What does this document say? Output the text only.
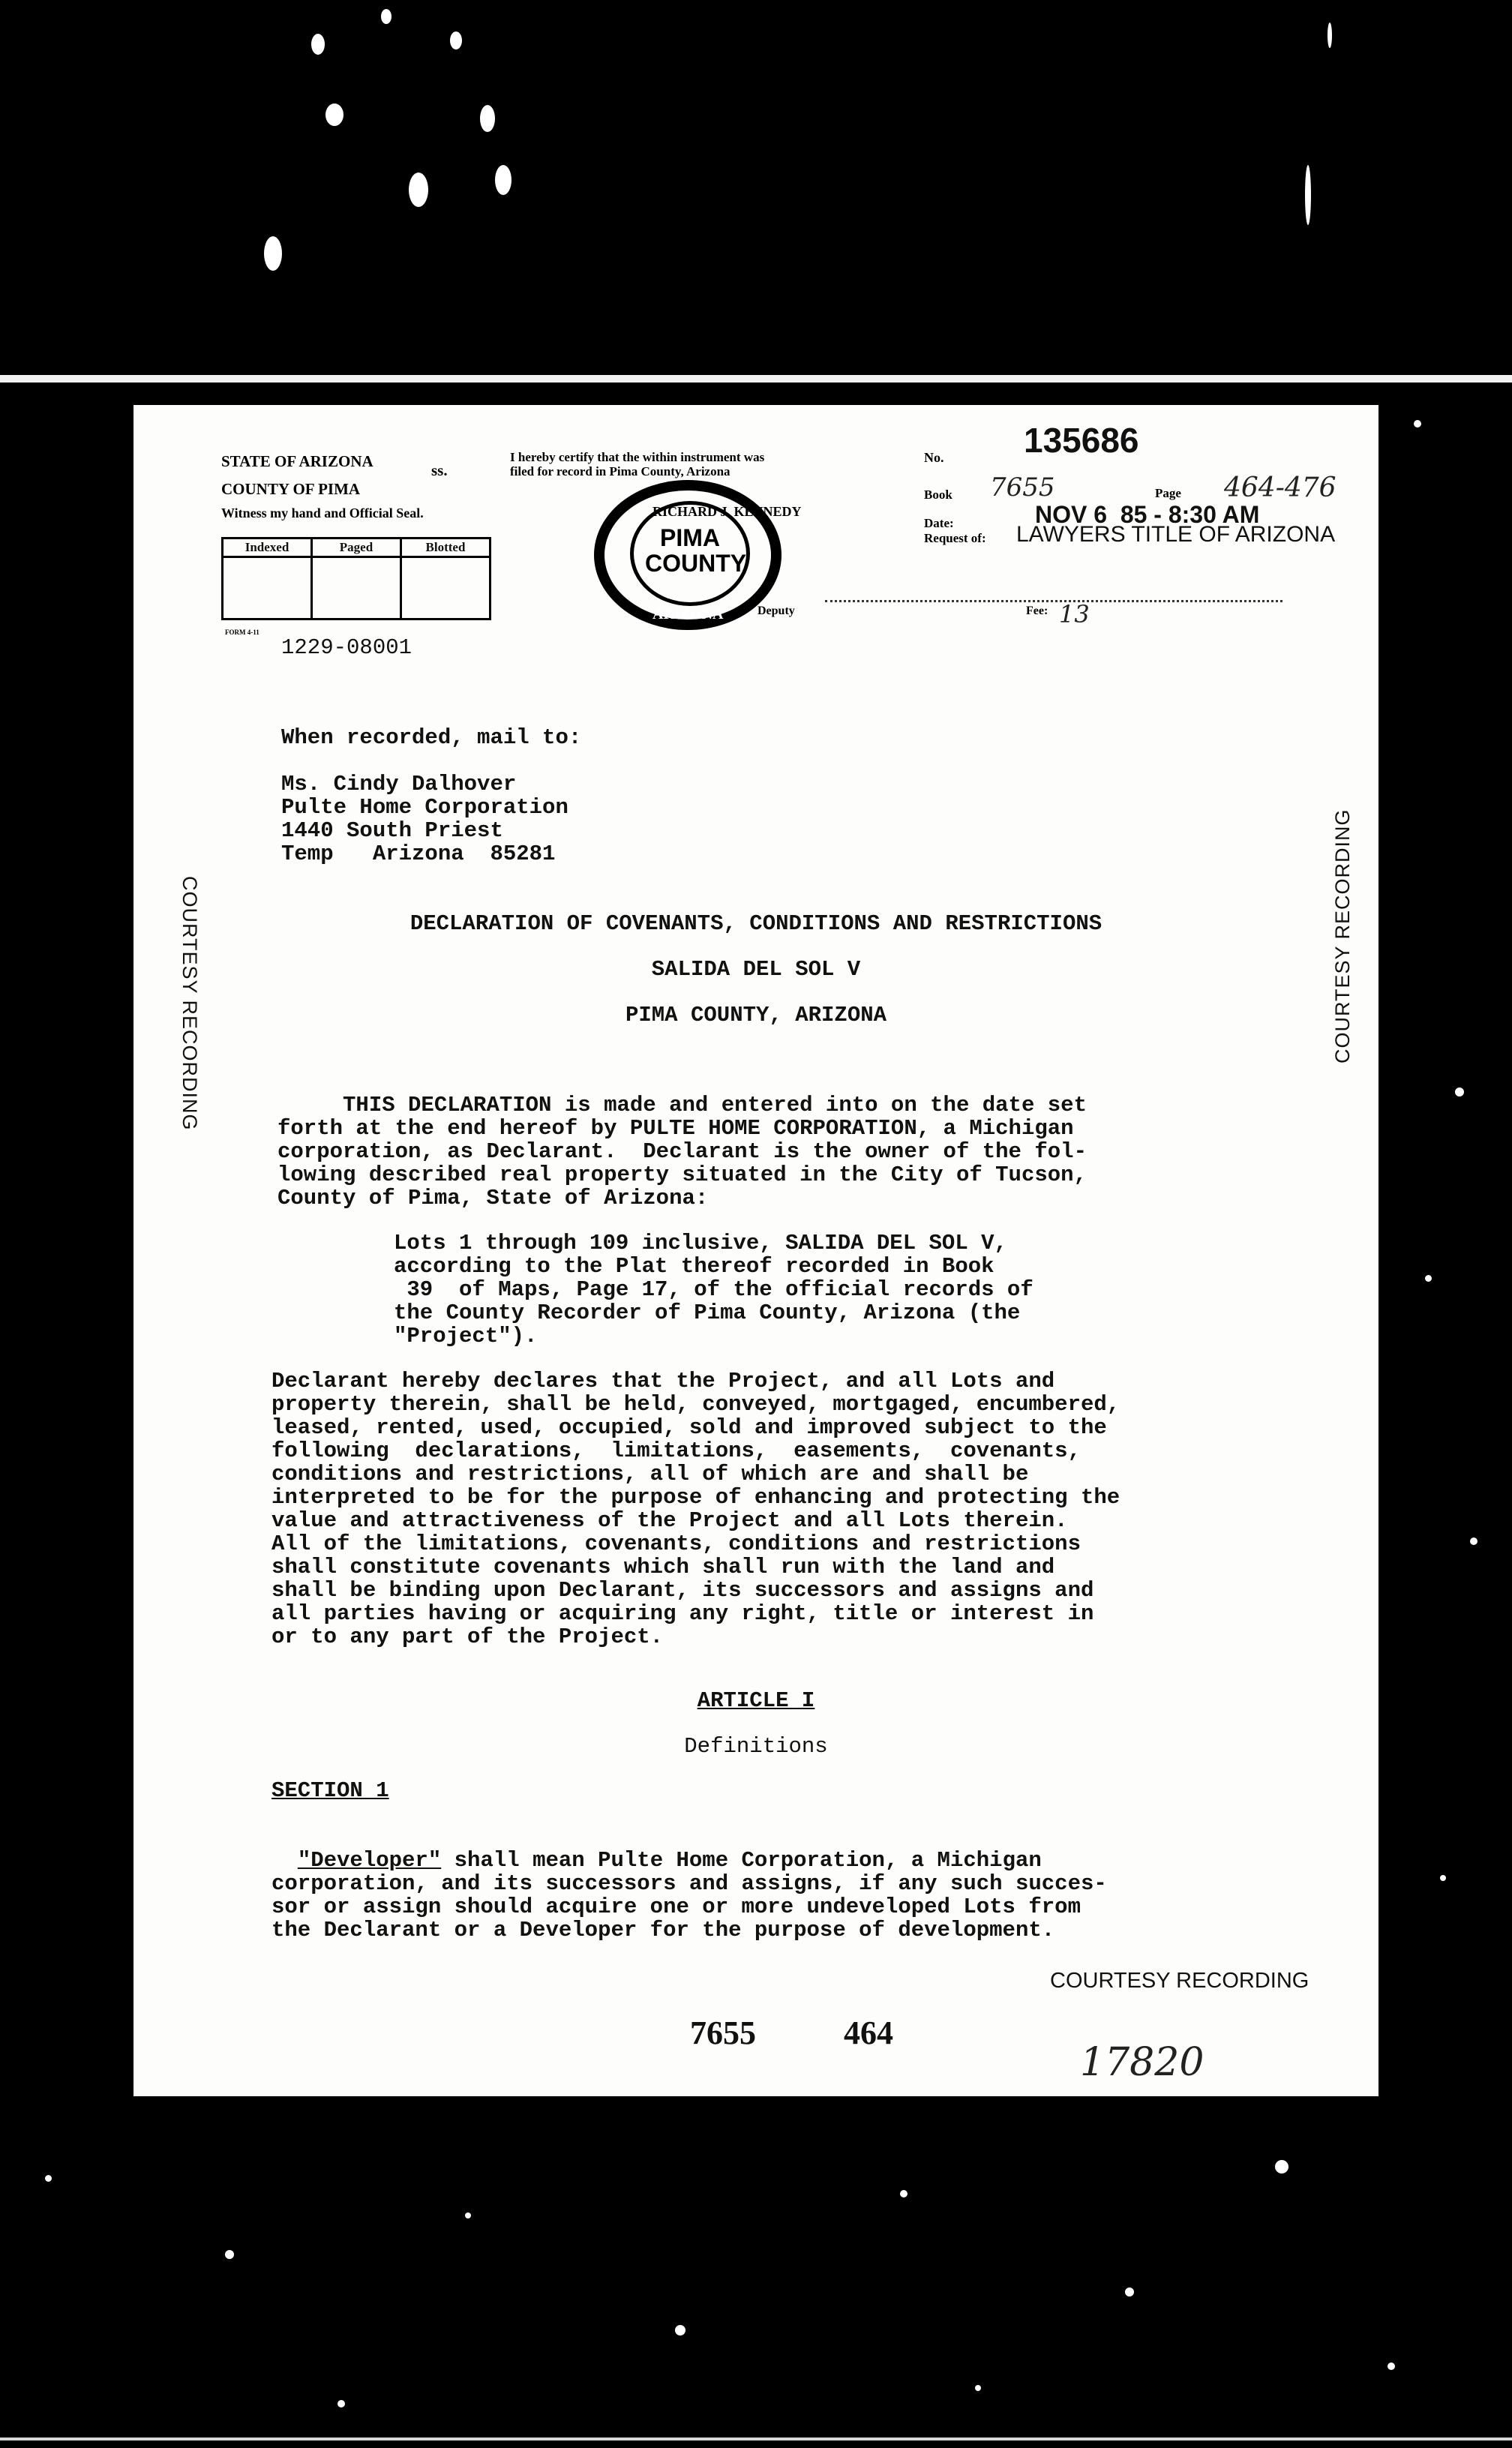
STATE OF ARIZONA	ss.
COUNTY OF PIMA
Witness my hand and Official Seal.
I hereby certify that the within instrument was filed for record in Pima County, Arizona
RICHARD J. KENNEDY
PIMA COUNTY
ARIZONA	Deputy
Indexed	Paged	Blotted

FORM 4-11
1229-08001
No. 135686
Book 7655	Page 464-476
Date:	NOV 6  85 - 8:30 AM
Request of: LAWYERS TITLE OF ARIZONA
Fee: 13
COURTESY RECORDING	COURTESY RECORDING
When recorded, mail to:
Ms. Cindy Dalhover
Pulte Home Corporation
1440 South Priest
Temp   Arizona  85281
DECLARATION OF COVENANTS, CONDITIONS AND RESTRICTIONS
SALIDA DEL SOL V
PIMA COUNTY, ARIZONA
THIS DECLARATION is made and entered into on the date set
forth at the end hereof by PULTE HOME CORPORATION, a Michigan
corporation, as Declarant.  Declarant is the owner of the fol-
lowing described real property situated in the City of Tucson,
County of Pima, State of Arizona:
Lots 1 through 109 inclusive, SALIDA DEL SOL V,
according to the Plat thereof recorded in Book
39  of Maps, Page 17, of the official records of
the County Recorder of Pima County, Arizona (the
"Project").
Declarant hereby declares that the Project, and all Lots and
property therein, shall be held, conveyed, mortgaged, encumbered,
leased, rented, used, occupied, sold and improved subject to the
following  declarations,  limitations,  easements,  covenants,
conditions and restrictions, all of which are and shall be
interpreted to be for the purpose of enhancing and protecting the
value and attractiveness of the Project and all Lots therein.
All of the limitations, covenants, conditions and restrictions
shall constitute covenants which shall run with the land and
shall be binding upon Declarant, its successors and assigns and
all parties having or acquiring any right, title or interest in
or to any part of the Project.
ARTICLE I
Definitions
SECTION 1

"Developer" shall mean Pulte Home Corporation, a Michigan
corporation, and its successors and assigns, if any such succes-
sor or assign should acquire one or more undeveloped Lots from
the Declarant or a Developer for the purpose of development.

COURTESY RECORDING
7655	464
17820
